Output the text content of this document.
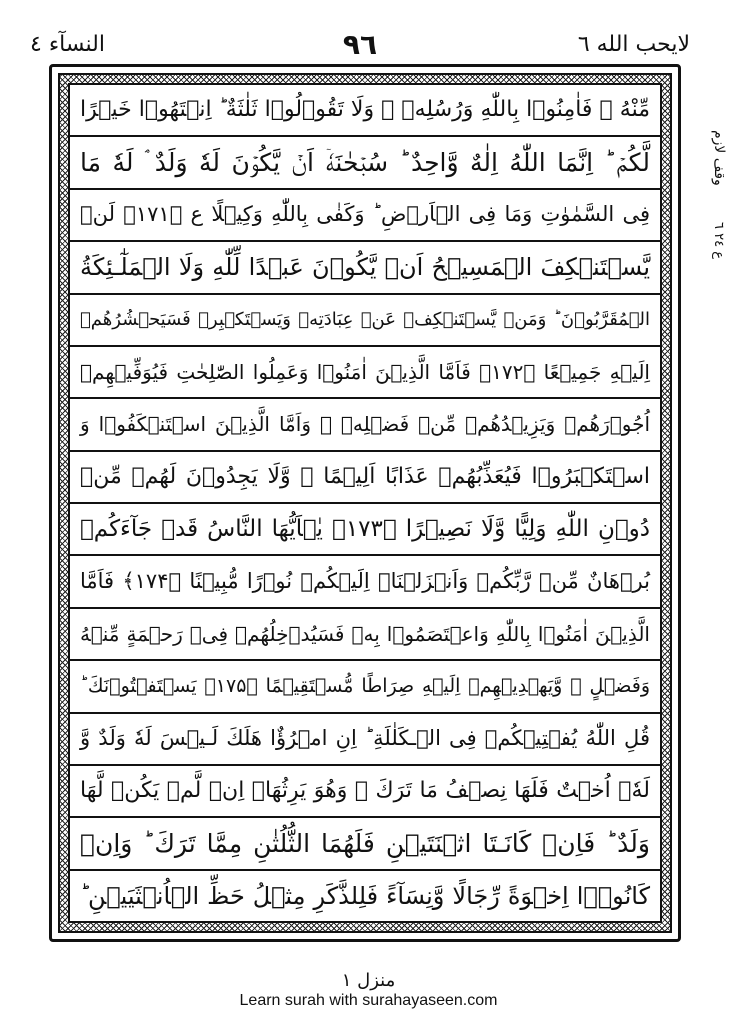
النسآء ٤	٩٦	لايحب الله ٦
مِّنْهُ ۡ فَاٰمِنُوۡا بِاللّٰهِ وَرُسُلِهٖ ۚ وَلَا تَقُوۡلُوۡا ثَلٰثَةٌ ؕ اِنۡتَهُوۡا خَيۡرًا
لَّكُمۡ ؕ اِنَّمَا اللّٰهُ اِلٰهٌ وَّاحِدٌ ؕ سُبۡحٰنَهٗۤ اَنۡ يَّكُوۡنَ لَهٗ وَلَدٌ ۘ لَهٗ مَا
فِى السَّمٰوٰتِ وَمَا فِى الۡاَرۡضِ ؕ وَكَفٰى بِاللّٰهِ وَكِيۡلًا ع ﴿۱۷۱﴾ لَنۡ
يَّسۡتَنۡكِفَ الۡمَسِيۡحُ اَنۡ يَّكُوۡنَ عَبۡدًا لِّلّٰهِ وَلَا الۡمَلٰٓـئِكَةُ
الۡمُقَرَّبُوۡنَ ؕ وَمَنۡ يَّسۡتَنۡكِفۡ عَنۡ عِبَادَتِهٖ وَيَسۡتَكۡبِرۡ فَسَيَحۡشُرُهُمۡ
اِلَيۡهِ جَمِيۡعًا ﴿۱۷۲﴾ فَاَمَّا الَّذِيۡنَ اٰمَنُوۡا وَعَمِلُوا الصّٰلِحٰتِ فَيُوَفِّيۡهِمۡ
اُجُوۡرَهُمۡ وَيَزِيۡدُهُمۡ مِّنۡ فَضۡلِهٖ ۚ وَاَمَّا الَّذِيۡنَ اسۡتَنۡكَفُوۡا وَ
اسۡتَكۡبَرُوۡا فَيُعَذِّبُهُمۡ عَذَابًا اَلِيۡمًا ۙ وَّلَا يَجِدُوۡنَ لَهُمۡ مِّنۡ
دُوۡنِ اللّٰهِ وَلِيًّا وَّلَا نَصِيۡرًا ﴿۱۷۳﴾ يٰۤاَيُّهَا النَّاسُ قَدۡ جَآءَكُمۡ
بُرۡهَانٌ مِّنۡ رَّبِّكُمۡ وَاَنۡزَلۡنَاۤ اِلَيۡكُمۡ نُوۡرًا مُّبِيۡنًا ﴿۱۷۴﴾ فَاَمَّا
الَّذِيۡنَ اٰمَنُوۡا بِاللّٰهِ وَاعۡتَصَمُوۡا بِهٖ فَسَيُدۡخِلُهُمۡ فِىۡ رَحۡمَةٍ مِّنۡهُ
وَفَضۡلٍ ۙ وَّيَهۡدِيۡهِمۡ اِلَيۡهِ صِرَاطًا مُّسۡتَقِيۡمًا ﴿۱۷۵﴾ يَسۡتَفۡتُوۡنَكَ ؕ
قُلِ اللّٰهُ يُفۡتِيۡكُمۡ فِى الۡـكَلٰلَةِ ؕ اِنِ امۡرُؤٌا هَلَكَ لَـيۡسَ لَهٗ وَلَدٌ وَّ
لَهٗۤ اُخۡتٌ فَلَهَا نِصۡفُ مَا تَرَكَ ۚ وَهُوَ يَرِثُهَاۤ اِنۡ لَّمۡ يَكُنۡ لَّهَا
وَلَدٌ ؕ فَاِنۡ كَانَـتَا اثۡنَتَيۡنِ فَلَهُمَا الثُّلُثٰنِ مِمَّا تَرَكَ ؕ وَاِنۡ
كَانُوۡۤا اِخۡوَةً رِّجَالًا وَّنِسَآءً فَلِلذَّكَرِ مِثۡلُ حَظِّ الۡاُنۡثَيَيۡنِ ؕ
وقف لازم
ع ٢٤ ٦
منزل ١
Learn surah with surahayaseen.com
